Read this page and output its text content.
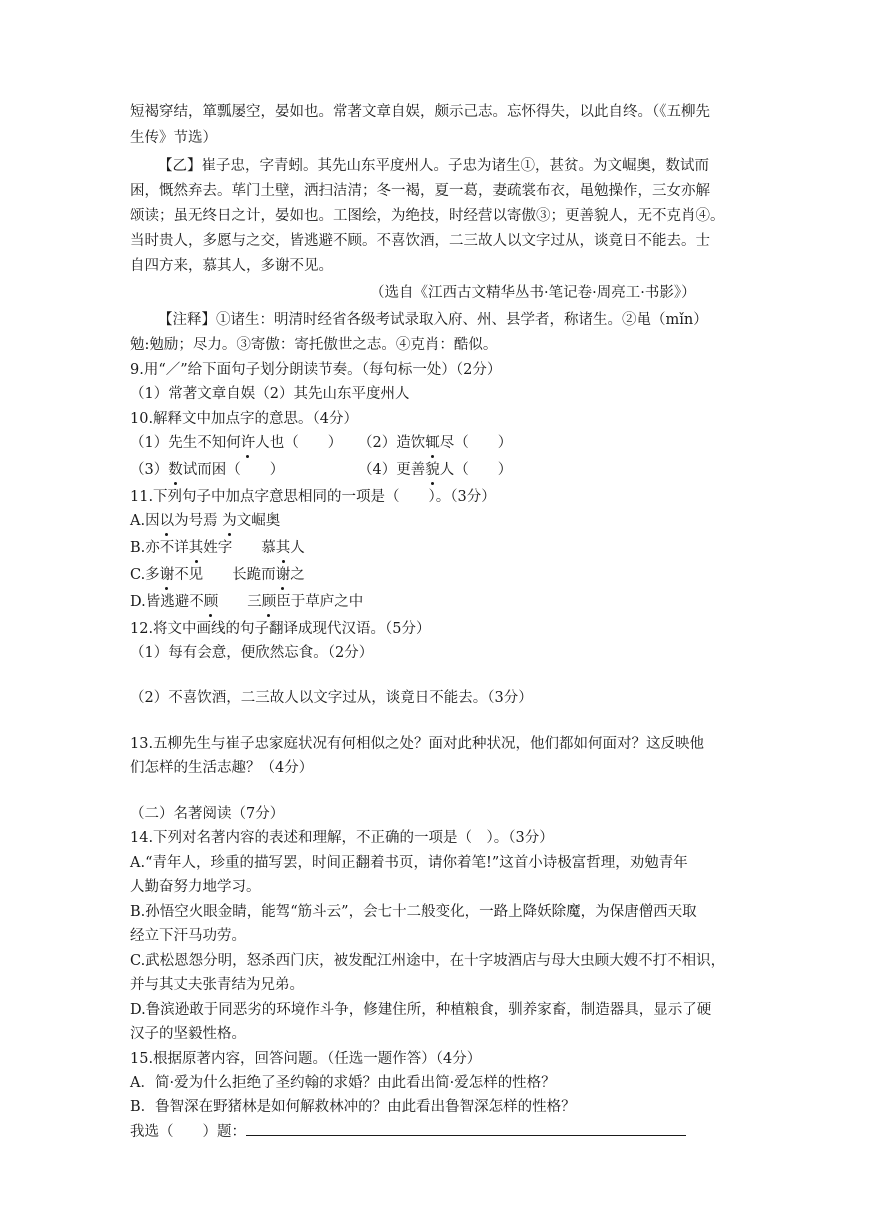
短褐穿结，箪瓢屡空，晏如也。常著文章自娱，颇示己志。忘怀得失，以此自终。（《五柳先
生传》节选）
【乙】崔子忠，字青蚓。其先山东平度州人。子忠为诸生①，甚贫。为文崛奥，数试而
困，慨然弃去。荜门土壁，洒扫洁清；冬一褐，夏一葛，妻疏裳布衣，黾勉操作，三女亦解
颂读；虽无终日之计，晏如也。工图绘，为绝技，时经营以寄傲③；更善貌人，无不克肖④。
当时贵人，多愿与之交，皆逃避不顾。不喜饮酒，二三故人以文字过从，谈竟日不能去。士
自四方来，慕其人，多谢不见。
（选自《江西古文精华丛书·笔记卷·周亮工·书影》）
【注释】①诸生：明清时经省各级考试录取入府、州、县学者，称诸生。②黾（mǐn）
勉:勉励；尽力。③寄傲：寄托傲世之志。④克肖：酷似。
9.用“／”给下面句子划分朗读节奏。（每句标一处）（2分）
（1）常著文章自娱（2）其先山东平度州人
10.解释文中加点字的意思。（4分）
（1）先生不知何许人也（　　） （2）造饮辄尽（　　）
（3）数试而困（　　）	（4）更善貌人（　　）
11.下列句子中加点字意思相同的一项是（　　）。（3分）
A.因以为号焉 为文崛奥
B.亦不详其姓字　　慕其人
C.多谢不见　　长跪而谢之
D.皆逃避不顾　　三顾臣于草庐之中
12.将文中画线的句子翻译成现代汉语。（5分）
（1）每有会意，便欣然忘食。（2分）
（2）不喜饮酒，二三故人以文字过从，谈竟日不能去。（3分）
13.五柳先生与崔子忠家庭状况有何相似之处？面对此种状况，他们都如何面对？这反映他
们怎样的生活志趣？（4分）
（二）名著阅读（7分）
14.下列对名著内容的表述和理解，不正确的一项是（　）。（3分）
A.“青年人，珍重的描写罢，时间正翻着书页，请你着笔!”这首小诗极富哲理，劝勉青年
人勤奋努力地学习。
B.孙悟空火眼金睛，能驾“筋斗云”，会七十二般变化，一路上降妖除魔，为保唐僧西天取
经立下汗马功劳。
C.武松恩怨分明，怒杀西门庆，被发配江州途中，在十字坡酒店与母大虫顾大嫂不打不相识，
并与其丈夫张青结为兄弟。
D.鲁滨逊敢于同恶劣的环境作斗争，修建住所，种植粮食，驯养家畜，制造器具，显示了硬
汉子的坚毅性格。
15.根据原著内容，回答问题。（任选一题作答）（4分）
A．简·爱为什么拒绝了圣约翰的求婚？由此看出简·爱怎样的性格？
B．鲁智深在野猪林是如何解救林冲的？由此看出鲁智深怎样的性格？
我选（　　）题：
